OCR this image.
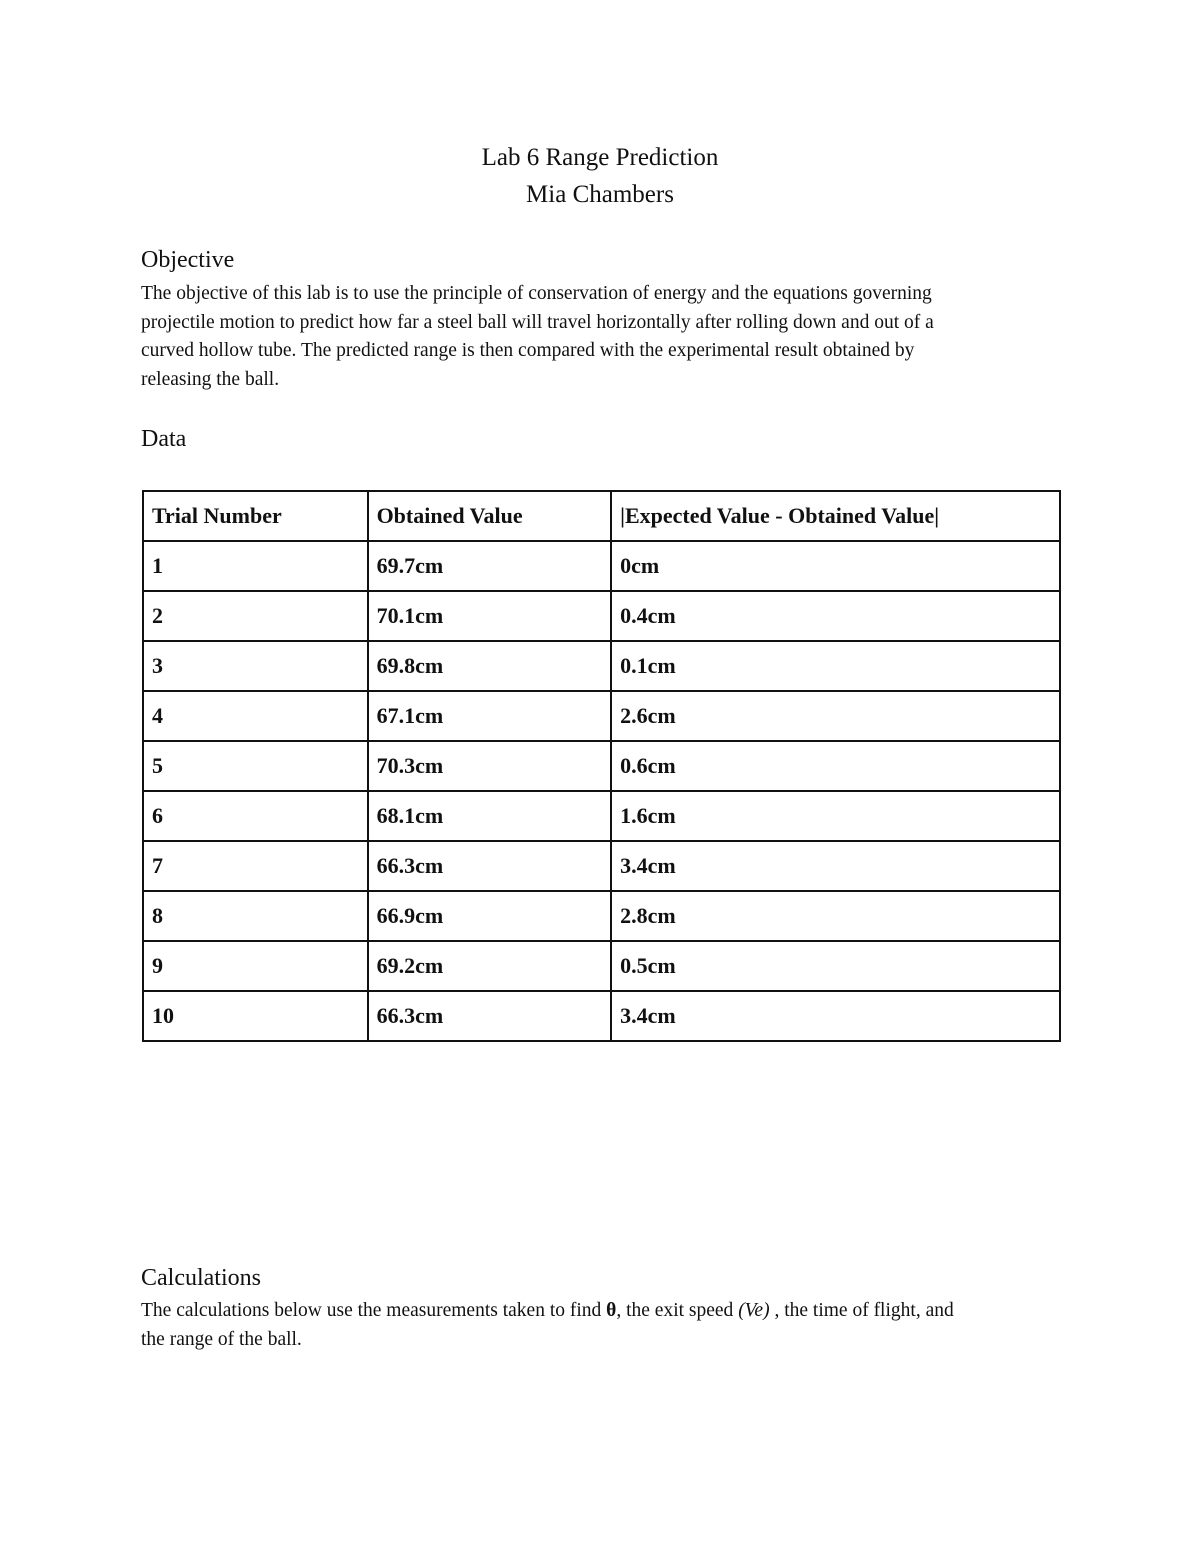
Lab 6 Range Prediction
Mia Chambers
Objective
The objective of this lab is to use the principle of conservation of energy and the equations governing
projectile motion to predict how far a steel ball will travel horizontally after rolling down and out of a
curved hollow tube. The predicted range is then compared with the experimental result obtained by
releasing the ball.
Data
Trial Number	Obtained Value	|Expected Value - Obtained Value|
1	69.7cm	0cm
2	70.1cm	0.4cm
3	69.8cm	0.1cm
4	67.1cm	2.6cm
5	70.3cm	0.6cm
6	68.1cm	1.6cm
7	66.3cm	3.4cm
8	66.9cm	2.8cm
9	69.2cm	0.5cm
10	66.3cm	3.4cm
Calculations
The calculations below use the measurements taken to find θ, the exit speed (Ve) , the time of flight, and
the range of the ball.
